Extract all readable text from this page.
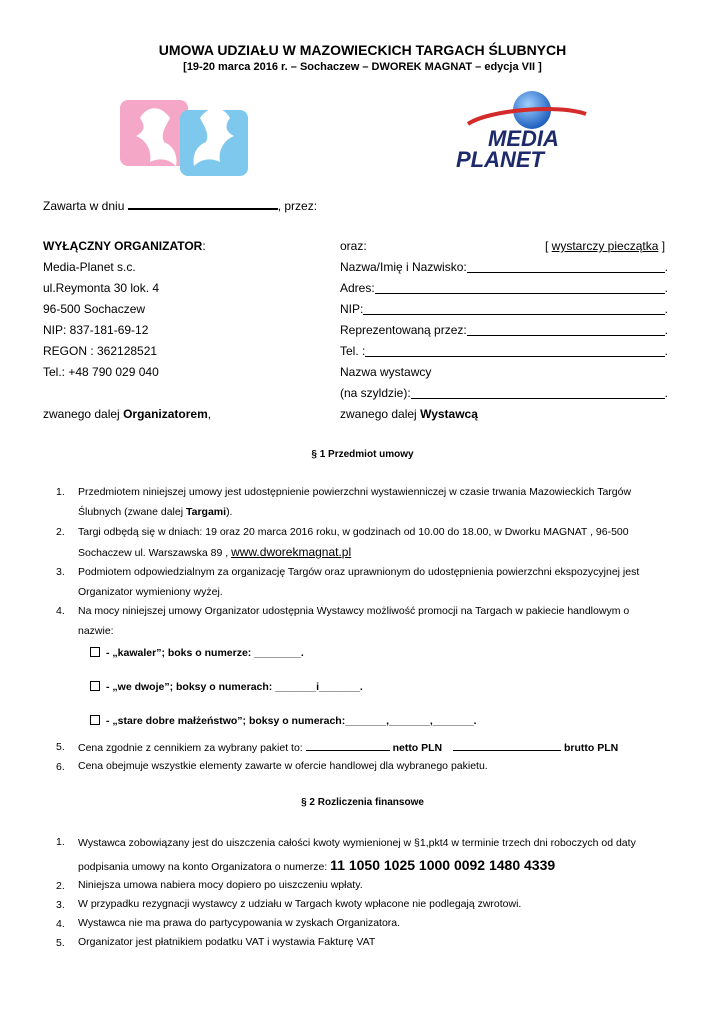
UMOWA UDZIAŁU W MAZOWIECKICH TARGACH ŚLUBNYCH
[19-20 marca 2016 r. – Sochaczew – DWOREK MAGNAT – edycja VII ]
MEDIA
PLANET
Zawarta w dniu	, przez:
WYŁĄCZNY ORGANIZATOR:
Media-Planet s.c.
ul.Reymonta 30 lok. 4
96-500 Sochaczew
NIP: 837-181-69-12
REGON : 362128521
Tel.: +48 790 029 040
zwanego dalej Organizatorem,
oraz:	[ wystarczy pieczątka ]
Nazwa/Imię i Nazwisko:	.
Adres:	.
NIP:	.
Reprezentowaną przez:	.
Tel. :	.
Nazwa wystawcy
(na szyldzie):	.
zwanego dalej Wystawcą
§ 1 Przedmiot umowy
1. Przedmiotem niniejszej umowy jest udostępnienie powierzchni wystawienniczej w czasie trwania Mazowieckich Targów
Ślubnych (zwane dalej Targami).
2. Targi odbędą się w dniach: 19 oraz 20 marca 2016 roku, w godzinach od 10.00 do 18.00, w Dworku MAGNAT , 96-500
Sochaczew ul. Warszawska 89 , www.dworekmagnat.pl
3. Podmiotem odpowiedzialnym za organizację Targów oraz uprawnionym do udostępnienia powierzchni ekspozycyjnej jest
Organizator wymieniony wyżej.
4. Na mocy niniejszej umowy Organizator udostępnia Wystawcy możliwość promocji na Targach w pakiecie handlowym o
nazwie:
- „kawaler”; boks o numerze: ________.
- „we dwoje”; boksy o numerach: _______i_______.
- „stare dobre małżeństwo”; boksy o numerach:_______,_______,_______.
5. Cena zgodnie z cennikiem za wybrany pakiet to:	netto PLN	brutto PLN
6. Cena obejmuje wszystkie elementy zawarte w ofercie handlowej dla wybranego pakietu.
§ 2 Rozliczenia finansowe
1. Wystawca zobowiązany jest do uiszczenia całości kwoty wymienionej w §1,pkt4 w terminie trzech dni roboczych od daty
podpisania umowy na konto Organizatora o numerze: 11 1050 1025 1000 0092 1480 4339
2. Niniejsza umowa nabiera mocy dopiero po uiszczeniu wpłaty.
3. W przypadku rezygnacji wystawcy z udziału w Targach kwoty wpłacone nie podlegają zwrotowi.
4. Wystawca nie ma prawa do partycypowania w zyskach Organizatora.
5. Organizator jest płatnikiem podatku VAT i wystawia Fakturę VAT
